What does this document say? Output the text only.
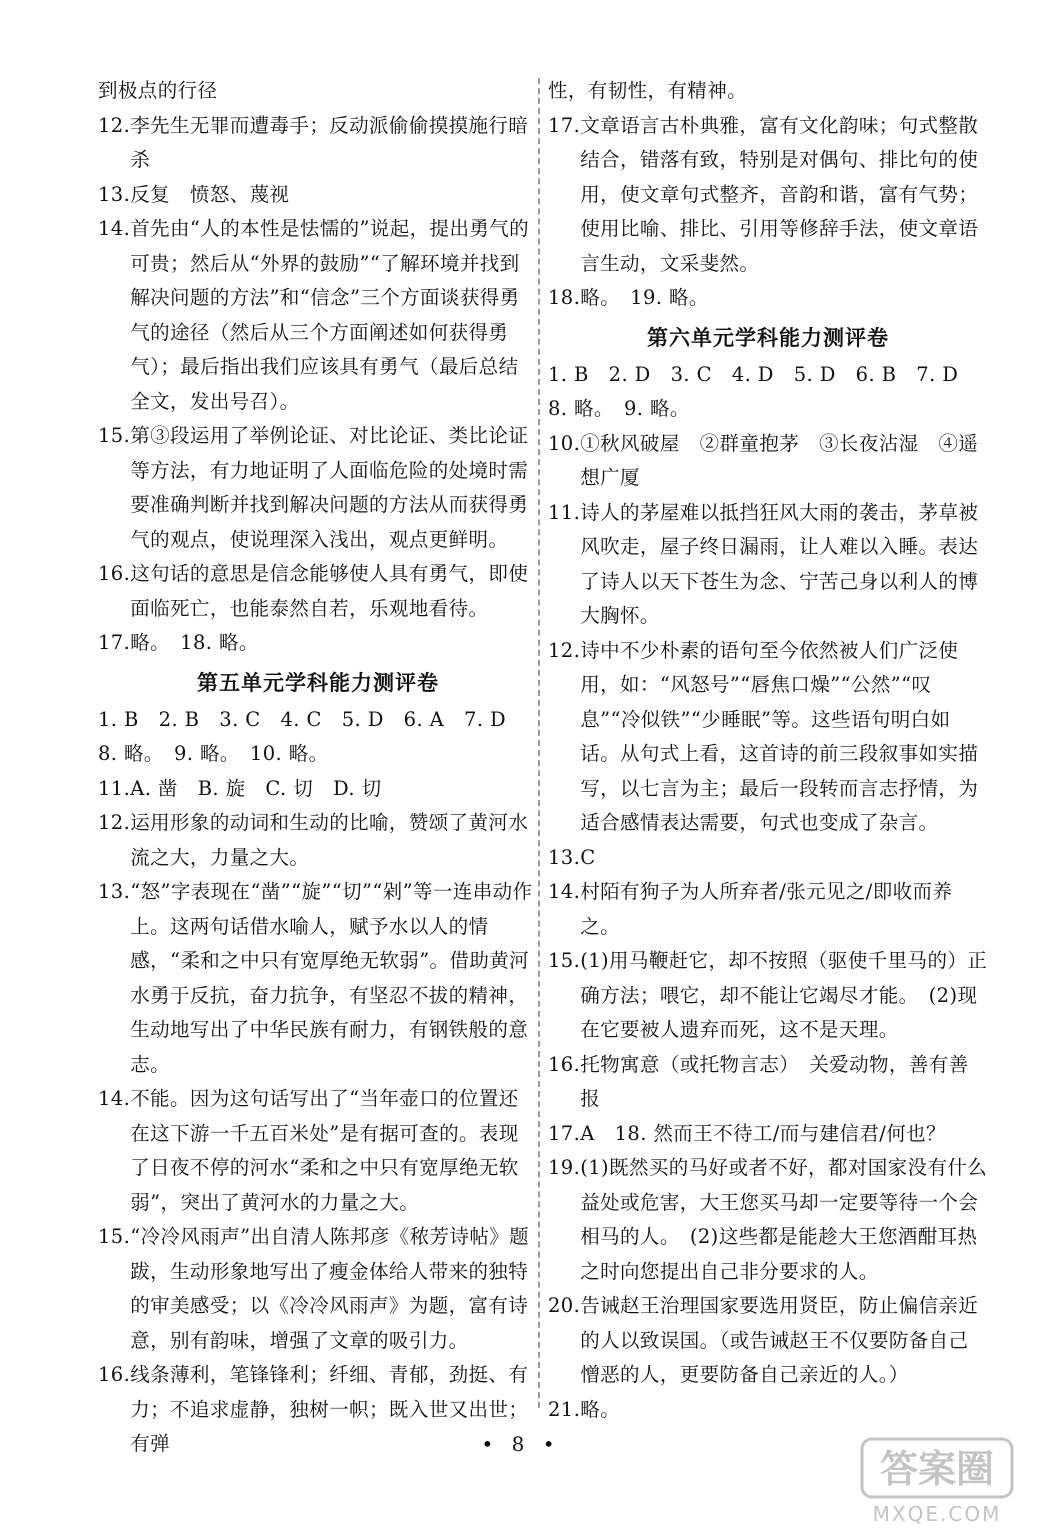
到极点的行径
12. 李先生无罪而遭毒手；反动派偷偷摸摸施行暗杀
13. 反复　愤怒、蔑视
14. 首先由“人的本性是怯懦的”说起，提出勇气的可贵；然后从“外界的鼓励”“了解环境并找到解决问题的方法”和“信念”三个方面谈获得勇气的途径（然后从三个方面阐述如何获得勇气）；最后指出我们应该具有勇气（最后总结全文，发出号召）。
15. 第③段运用了举例论证、对比论证、类比论证等方法，有力地证明了人面临危险的处境时需要准确判断并找到解决问题的方法从而获得勇气的观点，使说理深入浅出，观点更鲜明。
16. 这句话的意思是信念能够使人具有勇气，即使面临死亡，也能泰然自若，乐观地看待。
17. 略。　18. 略。
第五单元学科能力测评卷
1. B　2. B　3. C　4. C　5. D　6. A　7. D
8. 略。　9. 略。　10. 略。
11. A. 凿　B. 旋　C. 切　D. 切
12. 运用形象的动词和生动的比喻，赞颂了黄河水流之大，力量之大。
13. “怒”字表现在“凿”“旋”“切”“剁”等一连串动作上。这两句话借水喻人，赋予水以人的情感，“柔和之中只有宽厚绝无软弱”。借助黄河水勇于反抗，奋力抗争，有坚忍不拔的精神，生动地写出了中华民族有耐力，有钢铁般的意志。
14. 不能。因为这句话写出了“当年壶口的位置还在这下游一千五百米处”是有据可查的。表现了日夜不停的河水“柔和之中只有宽厚绝无软弱”，突出了黄河水的力量之大。
15. “冷冷风雨声”出自清人陈邦彦《秾芳诗帖》题跋，生动形象地写出了瘦金体给人带来的独特的审美感受；以《冷冷风雨声》为题，富有诗意，别有韵味，增强了文章的吸引力。
16. 线条薄利，笔锋锋利；纤细、青郁，劲挺、有力；不追求虚静，独树一帜；既入世又出世；有弹
性，有韧性，有精神。
17. 文章语言古朴典雅，富有文化韵味；句式整散结合，错落有致，特别是对偶句、排比句的使用，使文章句式整齐，音韵和谐，富有气势；使用比喻、排比、引用等修辞手法，使文章语言生动，文采斐然。
18. 略。　19. 略。
第六单元学科能力测评卷
1. B　2. D　3. C　4. D　5. D　6. B　7. D
8. 略。　9. 略。
10. ①秋风破屋　②群童抱茅　③长夜沾湿　④遥想广厦
11. 诗人的茅屋难以抵挡狂风大雨的袭击，茅草被风吹走，屋子终日漏雨，让人难以入睡。表达了诗人以天下苍生为念、宁苦己身以利人的博大胸怀。
12. 诗中不少朴素的语句至今依然被人们广泛使用，如：“风怒号”“唇焦口燥”“公然”“叹息”“冷似铁”“少睡眠”等。这些语句明白如话。从句式上看，这首诗的前三段叙事如实描写，以七言为主；最后一段转而言志抒情，为适合感情表达需要，句式也变成了杂言。
13. C
14. 村陌有狗子为人所弃者/张元见之/即收而养之。
15. (1)用马鞭赶它，却不按照（驱使千里马的）正确方法；喂它，却不能让它竭尽才能。　(2)现在它要被人遗弃而死，这不是天理。
16. 托物寓意（或托物言志）　关爱动物，善有善报
17. A　18. 然而王不待工/而与建信君/何也？
19. (1)既然买的马好或者不好，都对国家没有什么益处或危害，大王您买马却一定要等待一个会相马的人。　(2)这些都是能趁大王您酒酣耳热之时向您提出自己非分要求的人。
20. 告诫赵王治理国家要选用贤臣，防止偏信亲近的人以致误国。（或告诫赵王不仅要防备自己憎恶的人，更要防备自己亲近的人。）
21. 略。
• 8 •
答案圈
MXQE.COM
